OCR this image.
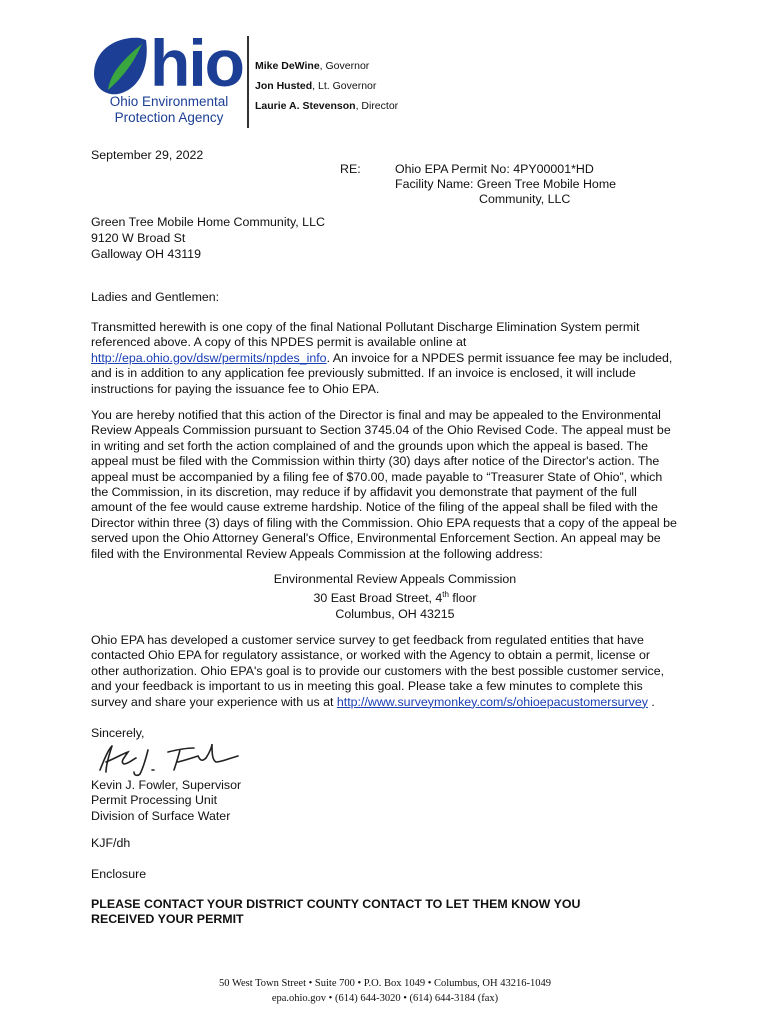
hio
Ohio Environmental
Protection Agency
Mike DeWine, Governor
Jon Husted, Lt. Governor
Laurie A. Stevenson, Director
September 29, 2022
RE:	Ohio EPA Permit No: 4PY00001*HD
Facility Name: Green Tree Mobile Home
Community, LLC
Green Tree Mobile Home Community, LLC
9120 W Broad St
Galloway OH 43119
Ladies and Gentlemen:
Transmitted herewith is one copy of the final National Pollutant Discharge Elimination System permit referenced above. A copy of this NPDES permit is available online at http://epa.ohio.gov/dsw/permits/npdes_info. An invoice for a NPDES permit issuance fee may be included, and is in addition to any application fee previously submitted. If an invoice is enclosed, it will include instructions for paying the issuance fee to Ohio EPA.
You are hereby notified that this action of the Director is final and may be appealed to the Environmental Review Appeals Commission pursuant to Section 3745.04 of the Ohio Revised Code. The appeal must be in writing and set forth the action complained of and the grounds upon which the appeal is based. The appeal must be filed with the Commission within thirty (30) days after notice of the Director's action. The appeal must be accompanied by a filing fee of $70.00, made payable to “Treasurer State of Ohio”, which the Commission, in its discretion, may reduce if by affidavit you demonstrate that payment of the full amount of the fee would cause extreme hardship. Notice of the filing of the appeal shall be filed with the Director within three (3) days of filing with the Commission. Ohio EPA requests that a copy of the appeal be served upon the Ohio Attorney General's Office, Environmental Enforcement Section. An appeal may be filed with the Environmental Review Appeals Commission at the following address:
Environmental Review Appeals Commission
30 East Broad Street, 4th floor
Columbus, OH 43215
Ohio EPA has developed a customer service survey to get feedback from regulated entities that have contacted Ohio EPA for regulatory assistance, or worked with the Agency to obtain a permit, license or other authorization. Ohio EPA's goal is to provide our customers with the best possible customer service, and your feedback is important to us in meeting this goal. Please take a few minutes to complete this survey and share your experience with us at http://www.surveymonkey.com/s/ohioepacustomersurvey .
Sincerely,
Kevin J. Fowler, Supervisor
Permit Processing Unit
Division of Surface Water
KJF/dh
Enclosure
PLEASE CONTACT YOUR DISTRICT COUNTY CONTACT TO LET THEM KNOW YOU
RECEIVED YOUR PERMIT
50 West Town Street • Suite 700 • P.O. Box 1049 • Columbus, OH 43216-1049
epa.ohio.gov • (614) 644-3020 • (614) 644-3184 (fax)
